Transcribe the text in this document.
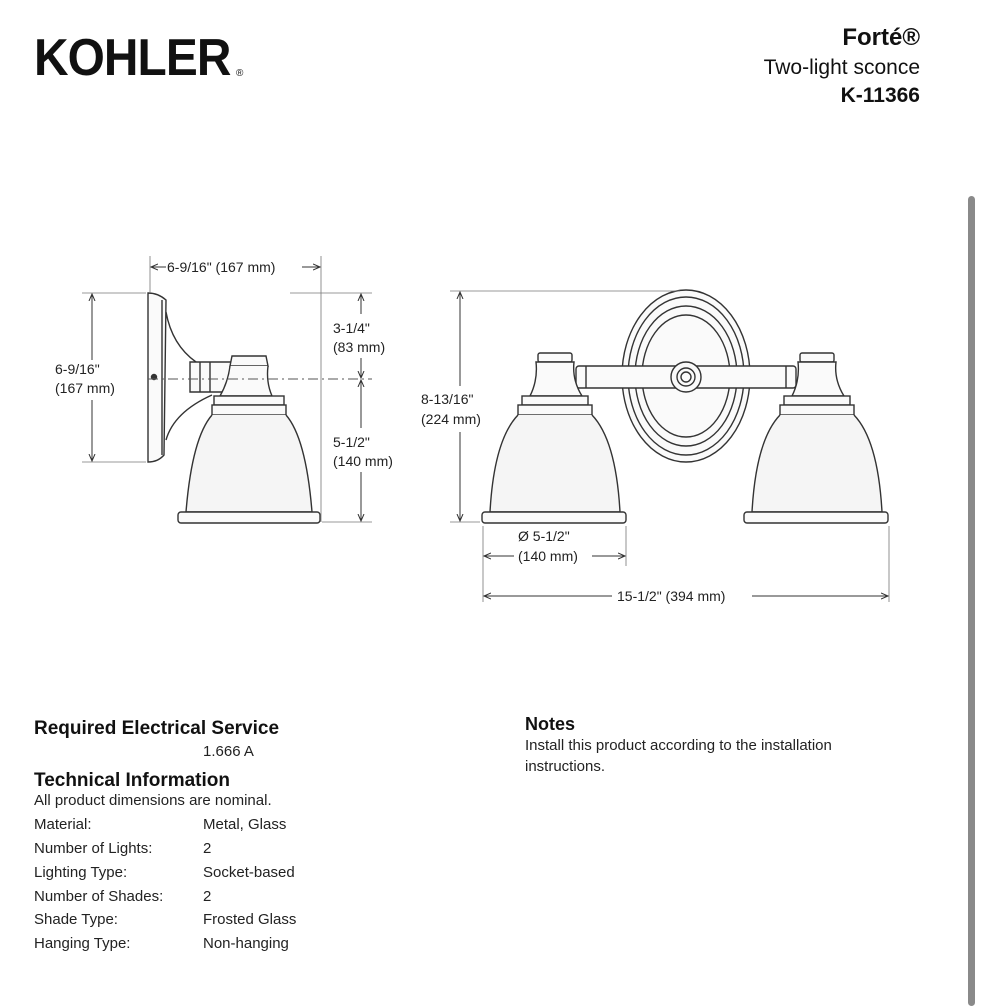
KOHLER ®
Forté®
Two-light sconce
K-11366
6-9/16" (167 mm)
6-9/16"
(167 mm)
3-1/4"
(83 mm)
5-1/2"
(140 mm)
8-13/16"
(224 mm)
Ø 5-1/2"
(140 mm)
15-1/2" (394 mm)
Required Electrical Service
1.666 A
Technical Information
All product dimensions are nominal.
Material:	Metal, Glass
Number of Lights:	2
Lighting Type:	Socket-based
Number of Shades:	2
Shade Type:	Frosted Glass
Hanging Type:	Non-hanging
Notes
Install this product according to the installation instructions.
